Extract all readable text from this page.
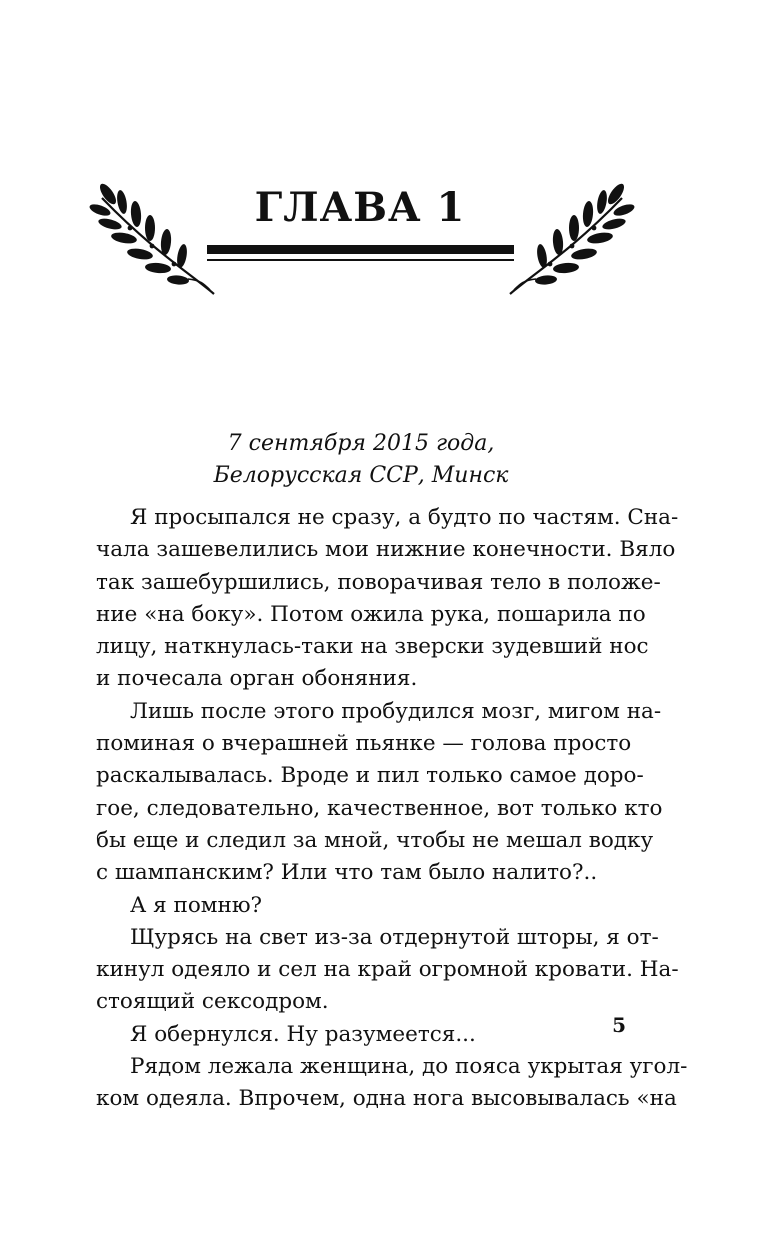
ГЛАВА 1
7 сентября 2015 года,
Белорусская ССР, Минск
Я просыпался не сразу, а будто по частям. Сна-
чала зашевелились мои нижние конечности. Вяло
так зашебуршились, поворачивая тело в положе-
ние «на боку». Потом ожила рука, пошарила по
лицу, наткнулась-таки на зверски зудевший нос
и почесала орган обоняния.
Лишь после этого пробудился мозг, мигом на-
поминая о вчерашней пьянке — голова просто
раскалывалась. Вроде и пил только самое доро-
гое, следовательно, качественное, вот только кто
бы еще и следил за мной, чтобы не мешал водку
с шампанским? Или что там было налито?..
А я помню?
Щурясь на свет из-за отдернутой шторы, я от-
кинул одеяло и сел на край огромной кровати. На-
стоящий сексодром.
Я обернулся. Ну разумеется...
Рядом лежала женщина, до пояса укрытая угол-
ком одеяла. Впрочем, одна нога высовывалась «на
5
